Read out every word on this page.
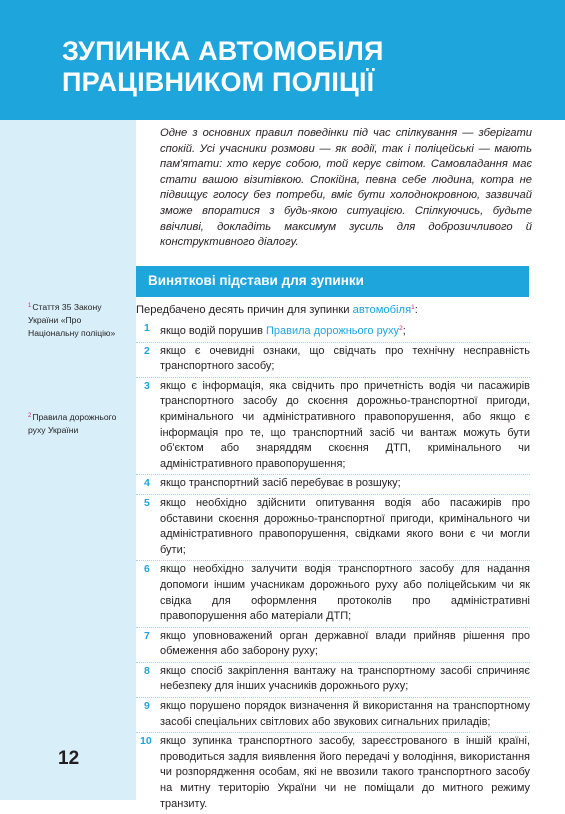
ЗУПИНКА АВТОМОБІЛЯ
ПРАЦІВНИКОМ ПОЛІЦІЇ
$^1$Стаття 35 Закону України «Про Національну поліцію»
$^2$Правила дорожнього руху України
12

Одне з основних правил поведінки під час спілкування — зберігати спокій. Усі учасники розмови — як водії, так і поліцейські — мають пам'ятати: хто керує собою, той керує світом. Самовладання має стати вашою візитівкою. Спокійна, певна себе людина, котра не підвищує голосу без потреби, вміє бути холоднокровною, зазвичай зможе впоратися з будь-якою ситуацією. Спілкуючись, будьте ввічливі, докладіть максимум зусиль для доброзичливого й конструктивного діалогу.

Виняткові підстави для зупинки

Передбачено десять причин для зупинки автомобіля$^1$:

1 якщо водій порушив Правила дорожнього руху$^2$;
2 якщо є очевидні ознаки, що свідчать про технічну несправність транспортного засобу;
3 якщо є інформація, яка свідчить про причетність водія чи пасажирів транспортного засобу до скоєння дорожньо-транспортної пригоди, кримінального чи адміністративного правопорушення, або якщо є інформація про те, що транспортний засіб чи вантаж можуть бути об'єктом або знаряддям скоєння ДТП, кримінального чи адміністративного правопорушення;
4 якщо транспортний засіб перебуває в розшуку;
5 якщо необхідно здійснити опитування водія або пасажирів про обставини скоєння дорожньо-транспортної пригоди, кримінального чи адміністративного правопорушення, свідками якого вони є чи могли бути;
6 якщо необхідно залучити водія транспортного засобу для надання допомоги іншим учасникам дорожнього руху або поліцейським чи як свідка для оформлення протоколів про адміністративні правопорушення або матеріали ДТП;
7 якщо уповноважений орган державної влади прийняв рішення про обмеження або заборону руху;
8 якщо спосіб закріплення вантажу на транспортному засобі спричиняє небезпеку для інших учасників дорожнього руху;
9 якщо порушено порядок визначення й використання на транспортному засобі спеціальних світлових або звукових сигнальних приладів;
10 якщо зупинка транспортного засобу, зареєстрованого в іншій країні, проводиться задля виявлення його передачі у володіння, використання чи розпорядження особам, які не ввозили такого транспортного засобу на митну територію України чи не поміщали до митного режиму транзиту.
